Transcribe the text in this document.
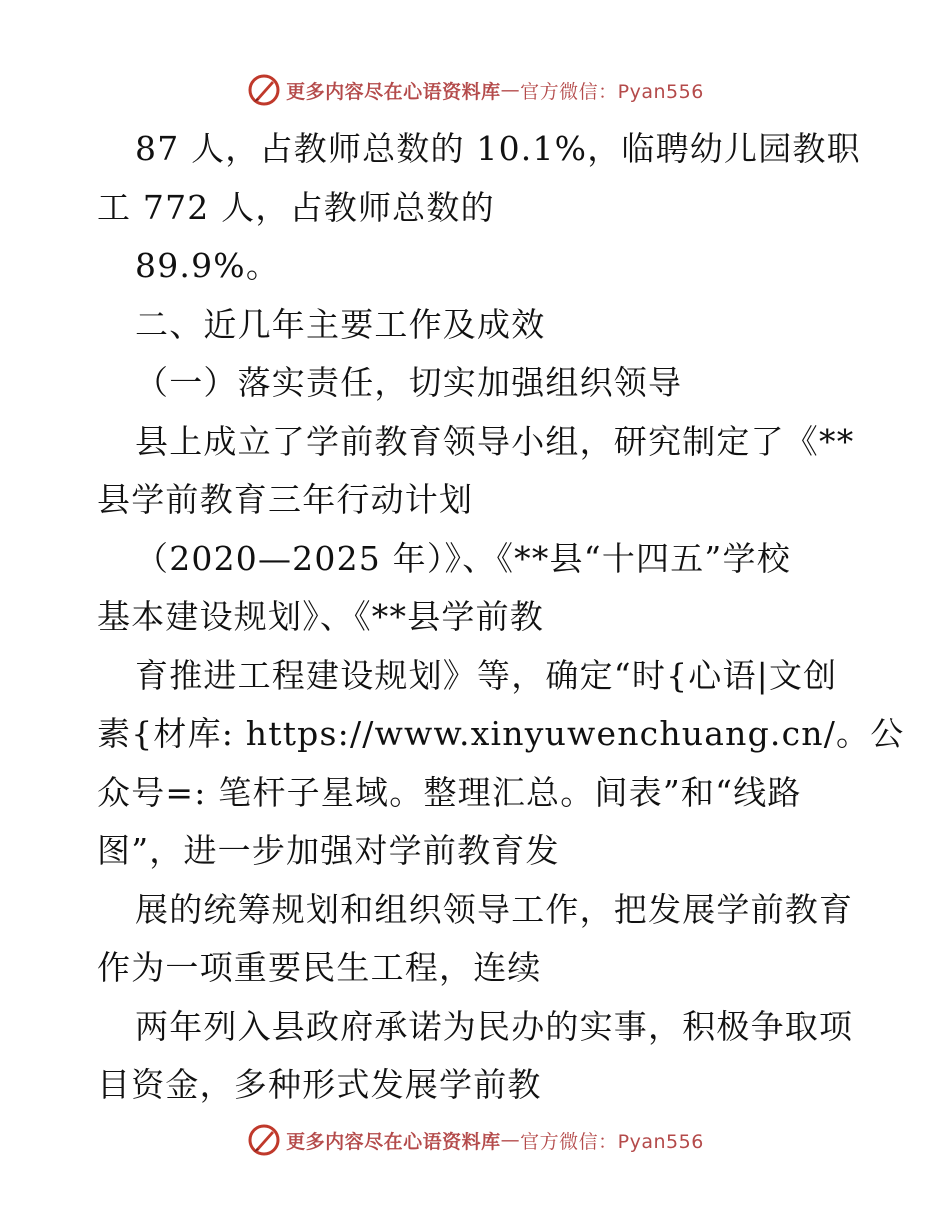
更多内容尽在心语资料库 — 官方微信：Pyan556
87 人，占教师总数的 10.1%，临聘幼儿园教职
工 772 人，占教师总数的
89.9%。
二、近几年主要工作及成效
（一）落实责任，切实加强组织领导
县上成立了学前教育领导小组，研究制定了《**
县学前教育三年行动计划
（2020—2025 年）》、《**县“十四五”学校
基本建设规划》、《**县学前教
育推进工程建设规划》等，确定“时{心语|文创
素{材库: https://www.xinyuwenchuang.cn/。公
众号=: 笔杆子星域。整理汇总。间表”和“线路
图”，进一步加强对学前教育发
展的统筹规划和组织领导工作，把发展学前教育
作为一项重要民生工程，连续
两年列入县政府承诺为民办的实事，积极争取项
目资金，多种形式发展学前教
更多内容尽在心语资料库 — 官方微信：Pyan556
